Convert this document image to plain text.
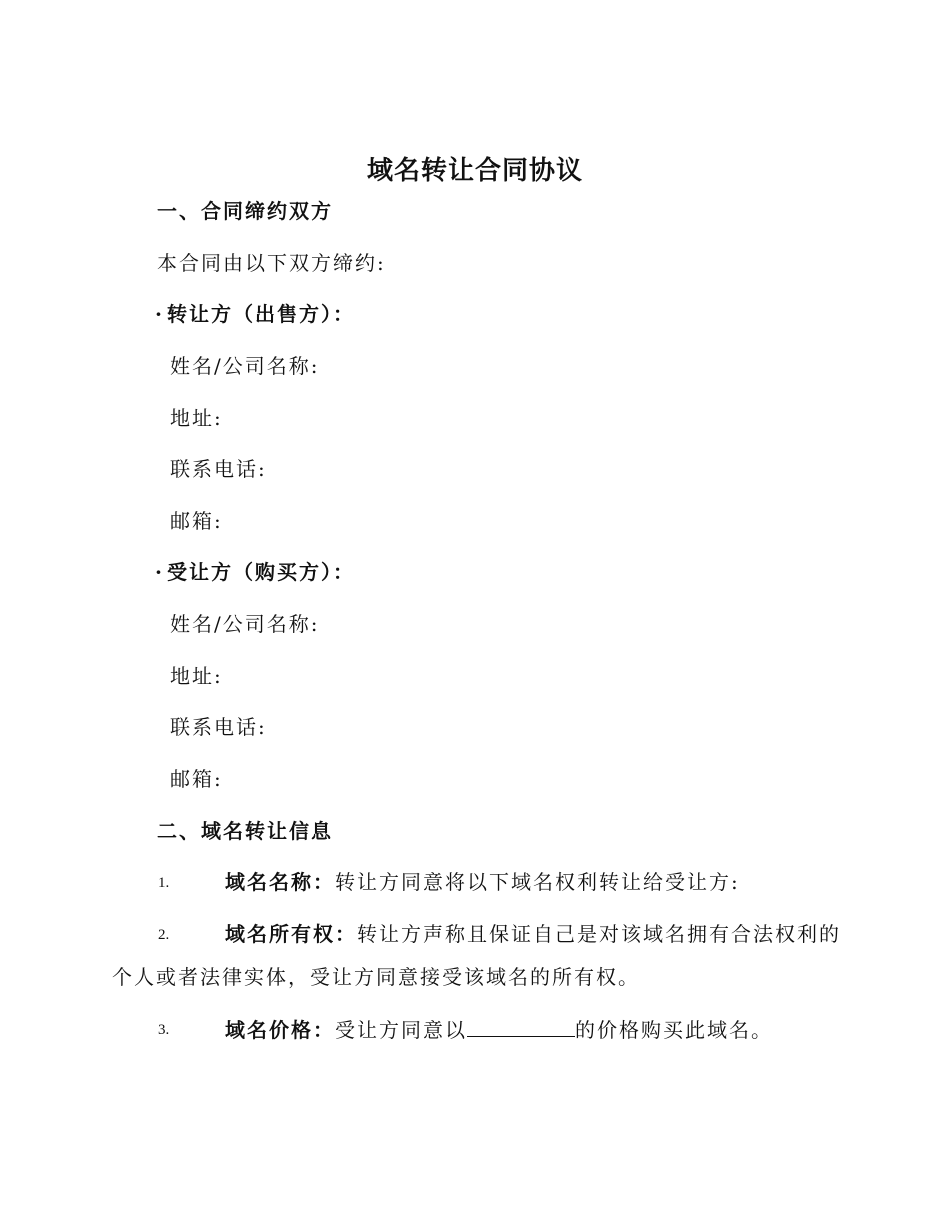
域名转让合同协议
一、合同缔约双方
本合同由以下双方缔约:
· 转让方（出售方）：
姓名/公司名称:
地址:
联系电话:
邮箱:
· 受让方（购买方）：
姓名/公司名称:
地址:
联系电话:
邮箱:
二、域名转让信息
1.	域名名称：转让方同意将以下域名权利转让给受让方:
2.	域名所有权：转让方声称且保证自己是对该域名拥有合法权利的
个人或者法律实体，受让方同意接受该域名的所有权。
3.	域名价格：受让方同意以	的价格购买此域名。
